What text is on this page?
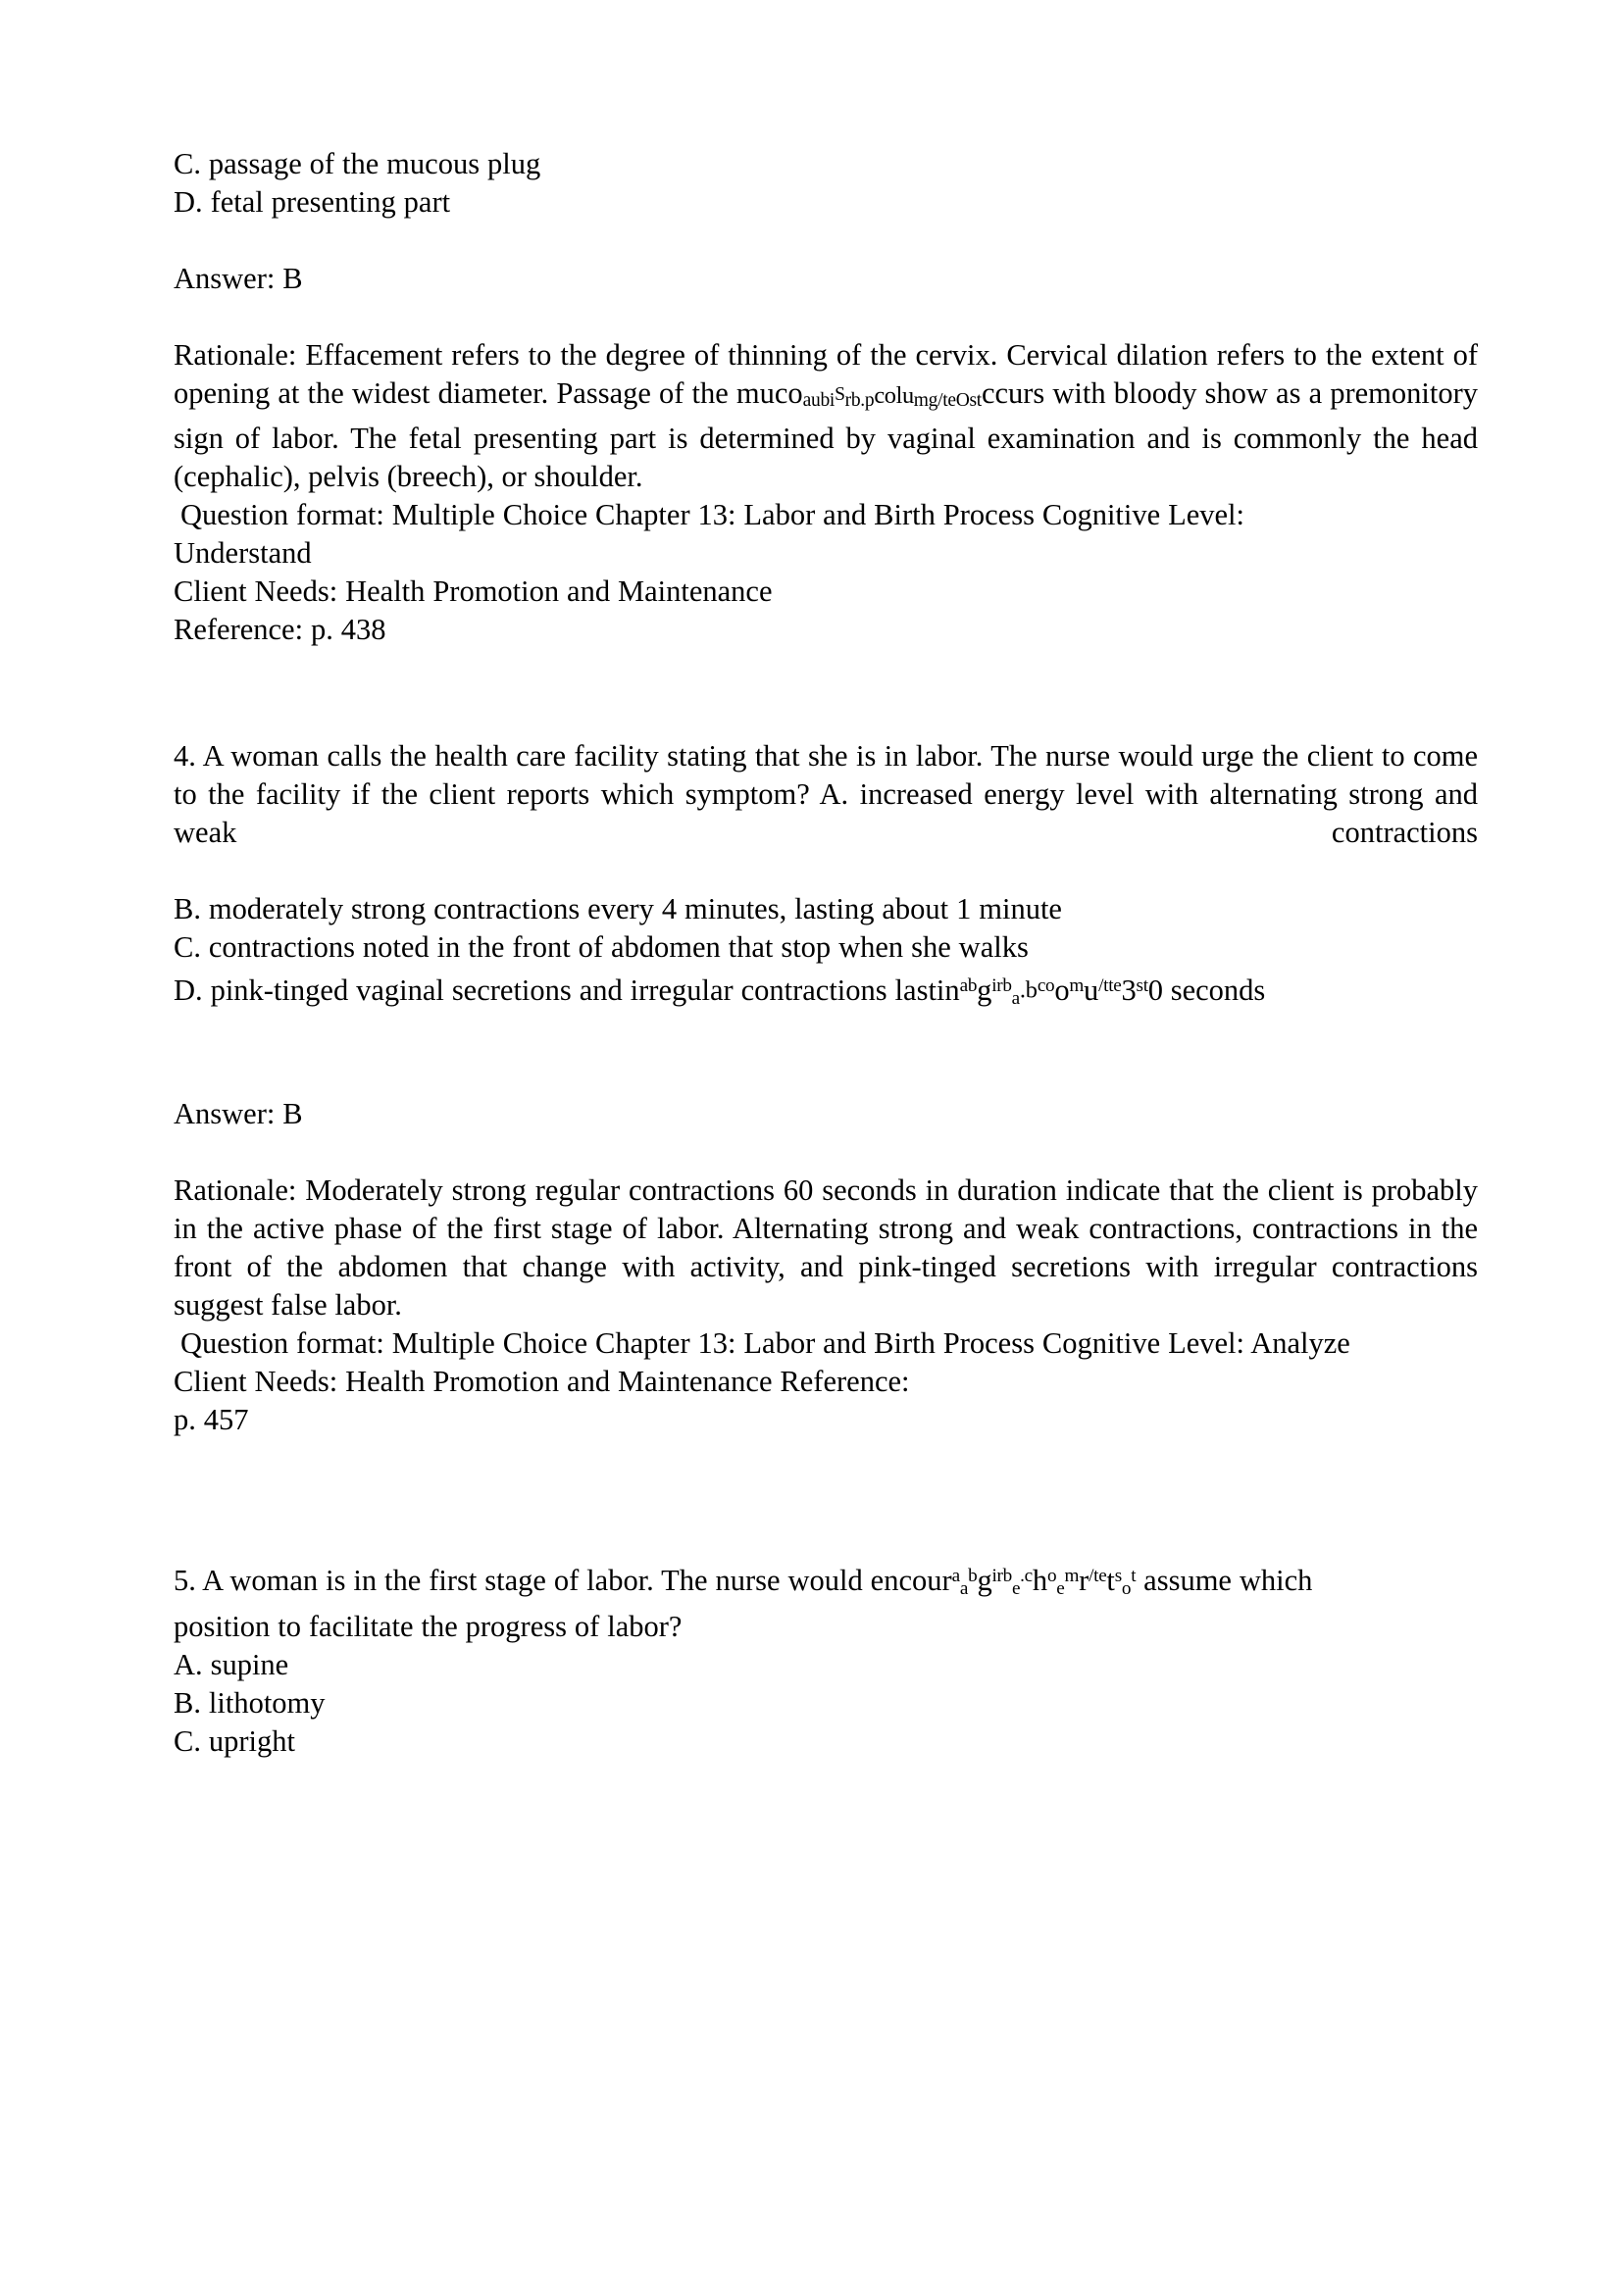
C. passage of the mucous plug
D. fetal presenting part
Answer: B

Rationale: Effacement refers to the degree of thinning of the cervix. Cervical dilation refers to the extent of opening at the widest diameter. Passage of the mucoaubiSrb.pcolumg/teOstccurs with bloody show as a premonitory sign of labor. The fetal presenting part is determined by vaginal examination and is commonly the head (cephalic), pelvis (breech), or shoulder.

Question format: Multiple Choice Chapter 13: Labor and Birth Process Cognitive Level:
Understand
Client Needs: Health Promotion and Maintenance
Reference: p. 438

4. A woman calls the health care facility stating that she is in labor. The nurse would urge the client to come to the facility if the client reports which symptom? A. increased energy level with alternating strong and weak contractions

B. moderately strong contractions every 4 minutes, lasting about 1 minute
C. contractions noted in the front of abdomen that stop when she walks
D. pink-tinged vaginal secretions and irregular contractions $lastin^{ab}g^{irb}_a.b^{co}o^mu^{/tte}3st0$ seconds
Answer: B

Rationale: Moderately strong regular contractions 60 seconds in duration indicate that the client is probably in the active phase of the first stage of labor. Alternating strong and weak contractions, contractions in the front of the abdomen that change with activity, and pink-tinged secretions with irregular contractions suggest false labor.

Question format: Multiple Choice Chapter 13: Labor and Birth Process Cognitive Level: Analyze
Client Needs: Health Promotion and Maintenance Reference:
p. 457
5. A woman is in the first stage of labor. The nurse would $encour^a_a^bg^{irb}_e^{.c}h^o_e^mr^{/te}t^s_o^t$ assume which
position to facilitate the progress of labor?
A. supine
B. lithotomy
C. upright
